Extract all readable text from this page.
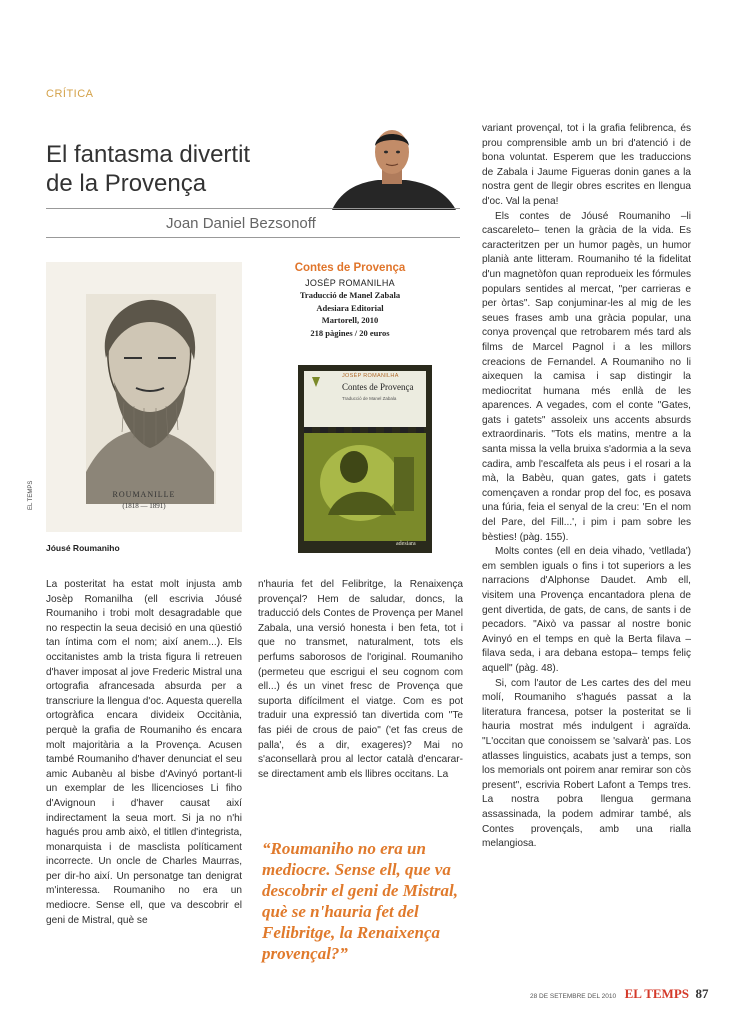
CRÍTICA
El fantasma divertit
de la Provença
Joan Daniel Bezsonoff
ROUMANILLE
(1818 — 1891)
EL TEMPS
Jóusé Roumaniho
Contes de Provença
JOSÈP ROMANILHA
Traducció de Manel Zabala
Adesiara Editorial
Martorell, 2010
218 pàgines / 20 euros
JOSÈP ROMANILHA
Contes de Provença
Traducció de Manel Zabala
adesiara

La posteritat ha estat molt injusta amb Josèp Romanilha (ell escrivia Jóusé Roumaniho i trobi molt desagradable que no respectin la seua decisió en una qüestió tan íntima com el nom; així anem...). Els occitanistes amb la trista figura li retreuen d'haver imposat al jove Frederic Mistral una ortografia afrancesada absurda per a transcriure la llengua d'oc. Aquesta querella ortogràfica encara divideix Occitània, perquè la grafia de Roumaniho és encara molt majoritària a la Provença. Acusen també Roumaniho d'haver denunciat el seu amic Aubanèu al bisbe d'Avinyó portant-li un exemplar de les llicencioses Li fiho d'Avignoun i d'haver causat així indirectament la seua mort. Si ja no n'hi hagués prou amb això, el titllen d'integrista, monarquista i de masclista políticament incorrecte. Un oncle de Charles Maurras, per dir-ho així. Un personatge tan denigrat m'interessa. Roumaniho no era un mediocre. Sense ell, que va descobrir el geni de Mistral, què se

n'hauria fet del Felibritge, la Renaixença provençal? Hem de saludar, doncs, la traducció dels Contes de Provença per Manel Zabala, una versió honesta i ben feta, tot i que no transmet, naturalment, tots els perfums saborosos de l'original. Roumaniho (permeteu que escrigui el seu cognom com ell...) és un vinet fresc de Provença que suporta difícilment el viatge. Com es pot traduir una expressió tan divertida com "Te fas piéi de crous de paio" ('et fas creus de palla', és a dir, exageres)? Mai no s'aconsellarà prou al lector català d'encarar-se directament amb els llibres occitans. La

“Roumaniho no era un mediocre. Sense ell, que va descobrir el geni de Mistral, què se n'hauria fet del Felibritge, la Renaixença provençal?”

variant provençal, tot i la grafia felibrenca, és prou comprensible amb un bri d'atenció i de bona voluntat. Esperem que les traduccions de Zabala i Jaume Figueras donin ganes a la nostra gent de llegir obres escrites en llengua d'oc. Val la pena!

Els contes de Jóusé Roumaniho –li cascareleto– tenen la gràcia de la vida. Es caracteritzen per un humor pagès, un humor planià ante litteram. Roumaniho té la fidelitat d'un magnetòfon quan reprodueix les fórmules populars sentides al mercat, "per carrieras e per òrtas". Sap conjuminar-les al mig de les seues frases amb una gràcia popular, una conya provençal que retrobarem més tard als films de Marcel Pagnol i a les millors creacions de Fernandel. A Roumaniho no li aixequen la camisa i sap distingir la mediocritat humana més enllà de les aparences. A vegades, com el conte "Gates, gats i gatets" assoleix uns accents absurds extraordinaris. "Tots els matins, mentre a la santa missa la vella bruixa s'adormia a la seva cadira, amb l'escalfeta als peus i el rosari a la mà, la Babèu, quan gates, gats i gatets començaven a rondar prop del foc, es posava una fúria, feia el senyal de la creu: 'En el nom del Pare, del Fill...', i pim i pam sobre les bèsties! (pàg. 155).

Molts contes (ell en deia vihado, 'vetllada') em semblen iguals o fins i tot superiors a les narracions d'Alphonse Daudet. Amb ell, visitem una Provença encantadora plena de gent divertida, de gats, de cans, de sants i de pecadors. "Això va passar al nostre bonic Avinyó en el temps en què la Berta filava –filava seda, i ara debana estopa– temps feliç aquell" (pàg. 48).

Si, com l'autor de Les cartes des del meu molí, Roumaniho s'hagués passat a la literatura francesa, potser la posteritat se li hauria mostrat més indulgent i agraïda. "L'occitan que conoissem se 'salvarà' pas. Los atlasses linguistics, acabats just a temps, son los memorials ont poirem anar remirar son còs present", escrivia Robert Lafont a Temps tres. La nostra pobra llengua germana assassinada, la podem admirar també, als Contes provençals, amb una rialla melangiosa.

28 DE SETEMBRE DEL 2010 EL TEMPS 87
